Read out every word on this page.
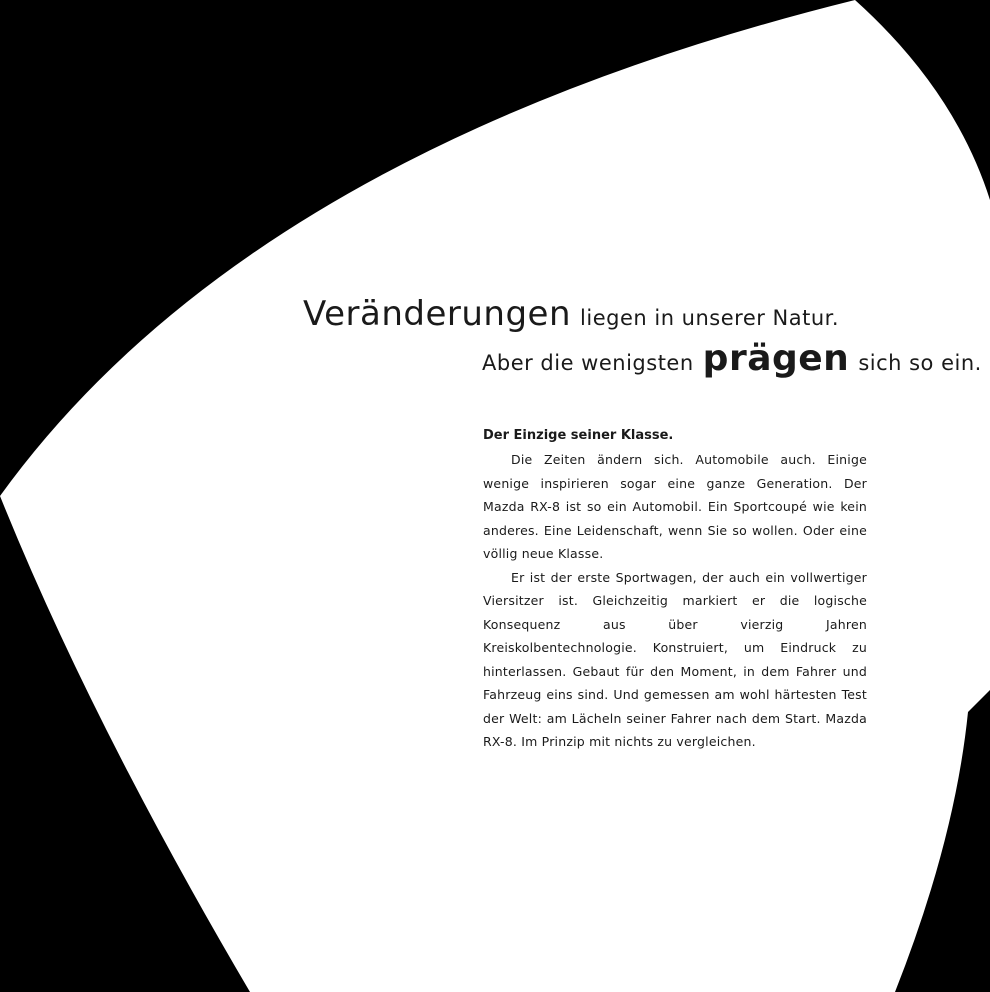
Veränderungen liegen in unserer Natur.
Aber die wenigsten prägen sich so ein.

Der Einzige seiner Klasse.

Die Zeiten ändern sich. Automobile auch. Einige wenige inspirieren sogar eine ganze Generation. Der Mazda RX-8 ist so ein Automobil. Ein Sportcoupé wie kein anderes. Eine Leidenschaft, wenn Sie so wollen. Oder eine völlig neue Klasse.

Er ist der erste Sportwagen, der auch ein vollwertiger Viersitzer ist. Gleichzeitig markiert er die logische Konsequenz aus über vierzig Jahren Kreiskolbentechnologie. Konstruiert, um Eindruck zu hinterlassen. Gebaut für den Moment, in dem Fahrer und Fahrzeug eins sind. Und gemessen am wohl härtesten Test der Welt: am Lächeln seiner Fahrer nach dem Start. Mazda RX-8. Im Prinzip mit nichts zu vergleichen.
